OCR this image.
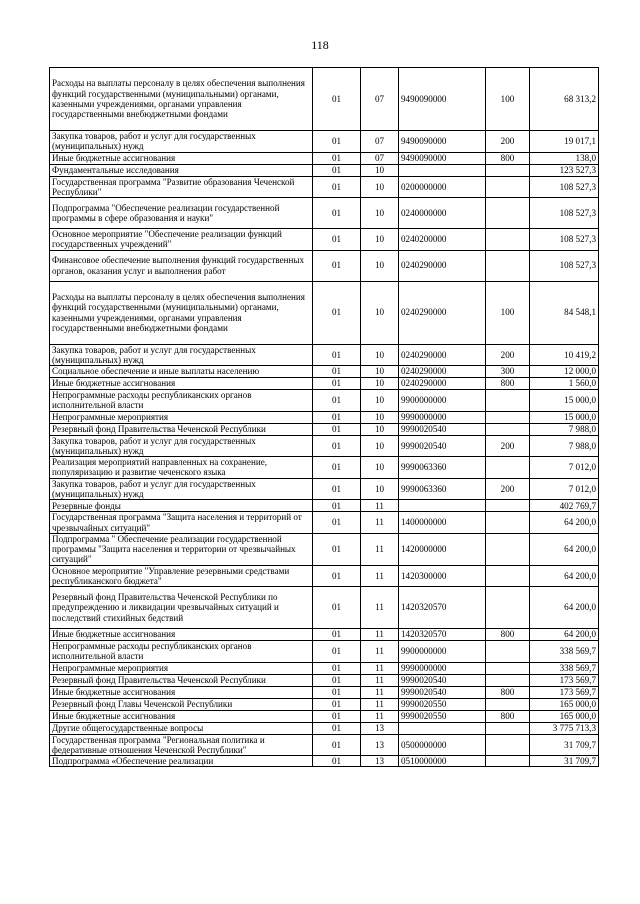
118
Расходы на выплаты персоналу в целях обеспечения выполнения функций государственными (муниципальными) органами, казенными учреждениями, органами управления государственными внебюджетными фондами	01	07	9490090000	100	68 313,2
Закупка товаров, работ и услуг для государственных (муниципальных) нужд	01	07	9490090000	200	19 017,1
Иные бюджетные ассигнования	01	07	9490090000	800	138,0
Фундаментальные исследования	01	10			123 527,3
Государственная программа "Развитие образования Чеченской Республики"	01	10	0200000000		108 527,3
Подпрограмма "Обеспечение реализации государственной программы в сфере образования и науки"	01	10	0240000000		108 527,3
Основное мероприятие "Обеспечение реализации функций государственных учреждений"	01	10	0240200000		108 527,3
Финансовое обеспечение выполнения функций государственных органов, оказания услуг и выполнения работ	01	10	0240290000		108 527,3
Расходы на выплаты персоналу в целях обеспечения выполнения функций государственными (муниципальными) органами, казенными учреждениями, органами управления государственными внебюджетными фондами	01	10	0240290000	100	84 548,1
Закупка товаров, работ и услуг для государственных (муниципальных) нужд	01	10	0240290000	200	10 419,2
Социальное обеспечение и иные выплаты населению	01	10	0240290000	300	12 000,0
Иные бюджетные ассигнования	01	10	0240290000	800	1 560,0
Непрограммные расходы республиканских органов исполнительной власти	01	10	9900000000		15 000,0
Непрограммные мероприятия	01	10	9990000000		15 000,0
Резервный фонд Правительства Чеченской Республики	01	10	9990020540		7 988,0
Закупка товаров, работ и услуг для государственных (муниципальных) нужд	01	10	9990020540	200	7 988,0
Реализация мероприятий направленных на сохранение, популяризацию и развитие чеченского языка	01	10	9990063360		7 012,0
Закупка товаров, работ и услуг для государственных (муниципальных) нужд	01	10	9990063360	200	7 012,0
Резервные фонды	01	11			402 769,7
Государственная программа "Защита населения и территорий от чрезвычайных ситуаций"	01	11	1400000000		64 200,0
Подпрограмма " Обеспечение реализации государственной программы "Защита населения и территории от чрезвычайных ситуаций"	01	11	1420000000		64 200,0
Основное мероприятие "Управление резервными средствами республиканского бюджета"	01	11	1420300000		64 200,0
Резервный фонд Правительства Чеченской Республики по предупреждению и ликвидации чрезвычайных ситуаций и последствий стихийных бедствий	01	11	1420320570		64 200,0
Иные бюджетные ассигнования	01	11	1420320570	800	64 200,0
Непрограммные расходы республиканских органов исполнительной власти	01	11	9900000000		338 569,7
Непрограммные мероприятия	01	11	9990000000		338 569,7
Резервный фонд Правительства Чеченской Республики	01	11	9990020540		173 569,7
Иные бюджетные ассигнования	01	11	9990020540	800	173 569,7
Резервный фонд Главы Чеченской Республики	01	11	9990020550		165 000,0
Иные бюджетные ассигнования	01	11	9990020550	800	165 000,0
Другие общегосударственные вопросы	01	13			3 775 713,3
Государственная программа "Региональная политика и федеративные отношения Чеченской Республики"	01	13	0500000000		31 709,7
Подпрограмма «Обеспечение реализации	01	13	0510000000		31 709,7
